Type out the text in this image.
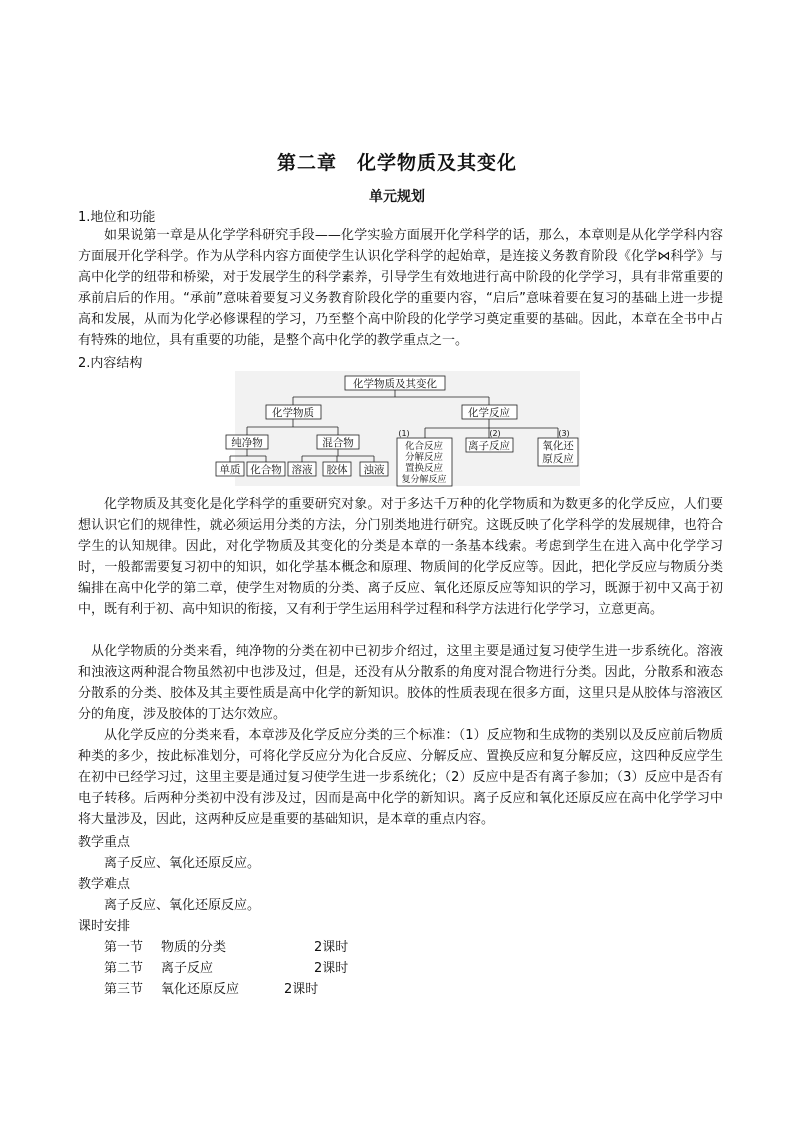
第二章　化学物质及其变化
单元规划
1.地位和功能

如果说第一章是从化学学科研究手段——化学实验方面展开化学科学的话，那么，本章则是从化学学科内容方面展开化学科学。作为从学科内容方面使学生认识化学科学的起始章，是连接义务教育阶段《化学⋈科学》与高中化学的纽带和桥梁，对于发展学生的科学素养，引导学生有效地进行高中阶段的化学学习，具有非常重要的承前启后的作用。“承前”意味着要复习义务教育阶段化学的重要内容，“启后”意味着要在复习的基础上进一步提高和发展，从而为化学必修课程的学习，乃至整个高中阶段的化学学习奠定重要的基础。因此，本章在全书中占有特殊的地位，具有重要的功能，是整个高中化学的教学重点之一。

2.内容结构
化学物质及其变化
化学物质	化学反应
纯净物	混合物
单质 化合物 溶液 胶体 浊液
化合反应
分解反应
置换反应
复分解反应
离子反应	氧化还
原反应
(1)	(2)	(3)

化学物质及其变化是化学科学的重要研究对象。对于多达千万种的化学物质和为数更多的化学反应，人们要想认识它们的规律性，就必须运用分类的方法，分门别类地进行研究。这既反映了化学科学的发展规律，也符合学生的认知规律。因此，对化学物质及其变化的分类是本章的一条基本线索。考虑到学生在进入高中化学学习时，一般都需要复习初中的知识，如化学基本概念和原理、物质间的化学反应等。因此，把化学反应与物质分类编排在高中化学的第二章，使学生对物质的分类、离子反应、氧化还原反应等知识的学习，既源于初中又高于初中，既有利于初、高中知识的衔接，又有利于学生运用科学过程和科学方法进行化学学习，立意更高。

从化学物质的分类来看，纯净物的分类在初中已初步介绍过，这里主要是通过复习使学生进一步系统化。溶液和浊液这两种混合物虽然初中也涉及过，但是，还没有从分散系的角度对混合物进行分类。因此，分散系和液态分散系的分类、胶体及其主要性质是高中化学的新知识。胶体的性质表现在很多方面，这里只是从胶体与溶液区分的角度，涉及胶体的丁达尔效应。

从化学反应的分类来看，本章涉及化学反应分类的三个标准：（1）反应物和生成物的类别以及反应前后物质种类的多少，按此标准划分，可将化学反应分为化合反应、分解反应、置换反应和复分解反应，这四种反应学生在初中已经学习过，这里主要是通过复习使学生进一步系统化；（2）反应中是否有离子参加；（3）反应中是否有电子转移。后两种分类初中没有涉及过，因而是高中化学的新知识。离子反应和氧化还原反应在高中化学学习中将大量涉及，因此，这两种反应是重要的基础知识，是本章的重点内容。

教学重点
离子反应、氧化还原反应。
教学难点
离子反应、氧化还原反应。
课时安排
第一节 物质的分类	2课时
第二节 离子反应	2课时
第三节 氧化还原反应	2课时
